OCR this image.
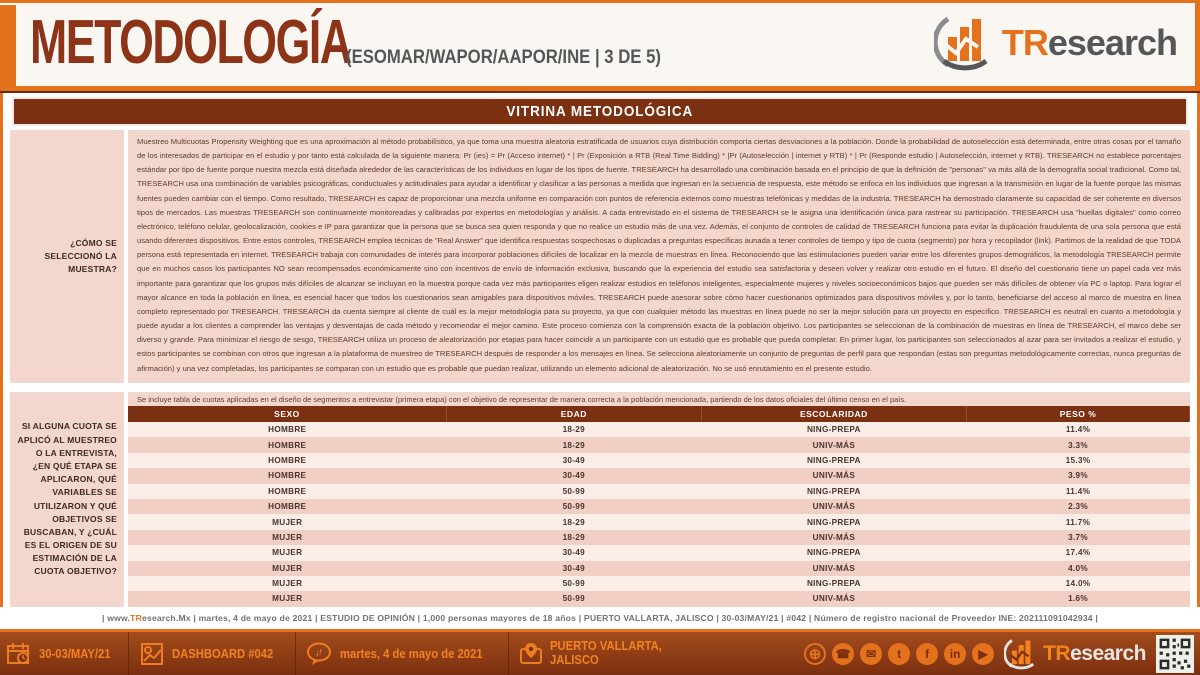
METODOLOGÍA
(ESOMAR/WAPOR/AAPOR/INE | 3 DE 5)	TResearch
VITRINA METODOLÓGICA
¿CÓMO SE SELECCIONÓ LA MUESTRA?
Muestreo Multicuotas Propensity Weighting que es una aproximación al método probabilístico, ya que toma una muestra aleatoria estratificada de usuarios cuya distribución comporta ciertas desviaciones a la población. Donde la probabilidad de autoselección está determinada, entre otras cosas por el tamaño de los interesados de participar en el estudio y por tanto está calculada de la siguiente manera: Pr (ies) = Pr (Acceso internet) * | Pr (Exposición a RTB (Real Time Bidding) * |Pr (Autoselección | internet y RTB) * | Pr (Responde estudio | Autoselección, internet y RTB). TRESEARCH no establece porcentajes estándar por tipo de fuente porque nuestra mezcla está diseñada alrededor de las características de los individuos en lugar de los tipos de fuente. TRESEARCH ha desarrollado una combinación basada en el principio de que la definición de "personas" va más allá de la demografía social tradicional. Como tal, TRESEARCH usa una combinación de variables psicográficas, conductuales y actitudinales para ayudar a identificar y clasificar a las personas a medida que ingresan en la secuencia de respuesta, este método se enfoca en los individuos que ingresan a la transmisión en lugar de la fuente porque las mismas fuentes pueden cambiar con el tiempo. Como resultado, TRESEARCH es capaz de proporcionar una mezcla uniforme en comparación con puntos de referencia externos como muestras telefónicas y medidas de la industria. TRESEARCH ha demostrado claramente su capacidad de ser coherente en diversos tipos de mercados. Las muestras TRESEARCH son continuamente monitoreadas y calibradas por expertos en metodologías y análisis. A cada entrevistado en el sistema de TRESEARCH se le asigna una identificación única para rastrear su participación. TRESEARCH usa "huellas digitales" como correo electrónico, teléfono celular, geolocalización, cookies e IP para garantizar que la persona que se busca sea quien responda y que no realice un estudio más de una vez. Además, el conjunto de controles de calidad de TRESEARCH funciona para evitar la duplicación fraudulenta de una sola persona que está usando diferentes dispositivos. Entre estos controles, TRESEARCH emplea técnicas de "Real Answer" que identifica respuestas sospechosas o duplicadas a preguntas específicas aunada a tener controles de tiempo y tipo de cuota (segmento) por hora y recopilador (link). Partimos de la realidad de que TODA persona está representada en internet. TRESEARCH trabaja con comunidades de interés para incorporar poblaciones difíciles de localizar en la mezcla de muestras en línea. Reconociendo que las estimulaciones pueden variar entre los diferentes grupos demográficos, la metodología TRESEARCH permite que en muchos casos los participantes NO sean recompensados económicamente sino con incentivos de envío de información exclusiva, buscando que la experiencia del estudio sea satisfactoria y deseen volver y realizar otro estudio en el futuro. El diseño del cuestionario tiene un papel cada vez más importante para garantizar que los grupos más difíciles de alcanzar se incluyan en la muestra porque cada vez más participantes eligen realizar estudios en teléfonos inteligentes, especialmente mujeres y niveles socioeconómicos bajos que pueden ser más difíciles de obtener vía PC o laptop. Para lograr el mayor alcance en toda la población en línea, es esencial hacer que todos los cuestionarios sean amigables para dispositivos móviles. TRESEARCH puede asesorar sobre cómo hacer cuestionarios optimizados para dispositivos móviles y, por lo tanto, beneficiarse del acceso al marco de muestra en línea completo representado por TRESEARCH. TRESEARCH da cuenta siempre al cliente de cuál es la mejor metodología para su proyecto, ya que con cualquier método las muestras en línea puede no ser la mejor solución para un proyecto en específico. TRESEARCH es neutral en cuanto a metodología y puede ayudar a los clientes a comprender las ventajas y desventajas de cada método y recomendar el mejor camino. Este proceso comienza con la comprensión exacta de la población objetivo. Los participantes se seleccionan de la combinación de muestras en línea de TRESEARCH, el marco debe ser diverso y grande. Para minimizar el riesgo de sesgo, TRESEARCH utiliza un proceso de aleatorización por etapas para hacer coincidir a un participante con un estudio que es probable que pueda completar. En primer lugar, los participantes son seleccionados al azar para ser invitados a realizar el estudio, y estos participantes se combinan con otros que ingresan a la plataforma de muestreo de TRESEARCH después de responder a los mensajes en línea. Se selecciona aleatoriamente un conjunto de preguntas de perfil para que respondan (estas son preguntas metodológicamente correctas, nunca preguntas de afirmación) y una vez completadas, los participantes se comparan con un estudio que es probable que puedan realizar, utilizando un elemento adicional de aleatorización. No se usó enrutamiento en el presente estudio.
SI ALGUNA CUOTA SE APLICÓ AL MUESTREO O LA ENTREVISTA, ¿EN QUÉ ETAPA SE APLICARON, QUÉ VARIABLES SE UTILIZARON Y QUÉ OBJETIVOS SE BUSCABAN, Y ¿CUÁL ES EL ORIGEN DE SU ESTIMACIÓN DE LA CUOTA OBJETIVO?
Se incluye tabla de cuotas aplicadas en el diseño de segmentos a entrevistar (primera etapa) con el objetivo de representar de manera correcta a la población mencionada, partiendo de los datos oficiales del último censo en el país.
SEXO	EDAD	ESCOLARIDAD	PESO %
HOMBRE	18-29	NING-PREPA	11.4%
HOMBRE	18-29	UNIV-MÁS	3.3%
HOMBRE	30-49	NING-PREPA	15.3%
HOMBRE	30-49	UNIV-MÁS	3.9%
HOMBRE	50-99	NING-PREPA	11.4%
HOMBRE	50-99	UNIV-MÁS	2.3%
MUJER	18-29	NING-PREPA	11.7%
MUJER	18-29	UNIV-MÁS	3.7%
MUJER	30-49	NING-PREPA	17.4%
MUJER	30-49	UNIV-MÁS	4.0%
MUJER	50-99	NING-PREPA	14.0%
MUJER	50-99	UNIV-MÁS	1.6%
| www.TResearch.Mx | martes, 4 de mayo de 2021 | ESTUDIO DE OPINIÓN | 1,000 personas mayores de 18 años | PUERTO VALLARTA, JALISCO | 30-03/MAY/21 | #042 | Número de registro nacional de Proveedor INE: 202111091042934 |
30-03/MAY/21	DASHBOARD #042	¡! martes, 4 de mayo de 2021
PUERTO VALLARTA,
JALISCO	⊕	☎	✉	t	f	in	▶	TResearch
